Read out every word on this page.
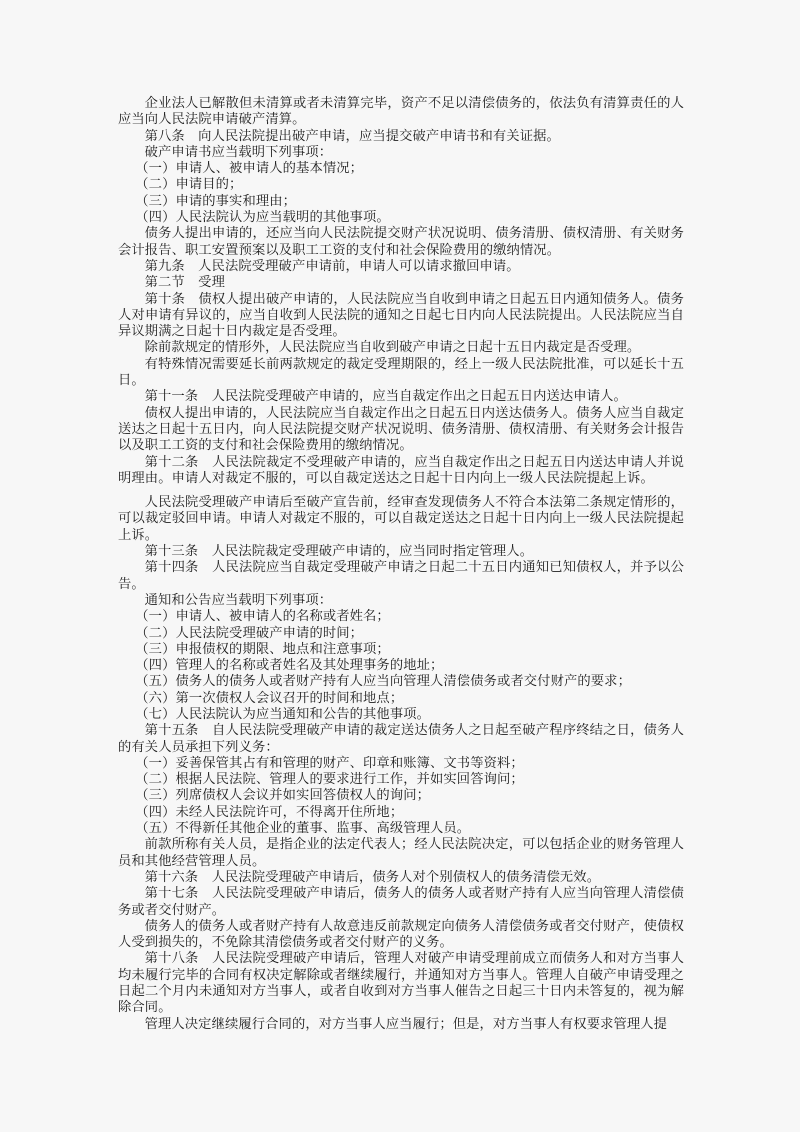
企业法人已解散但未清算或者未清算完毕，资产不足以清偿债务的，依法负有清算责任的人应当向人民法院申请破产清算。

第八条　向人民法院提出破产申请，应当提交破产申请书和有关证据。

破产申请书应当载明下列事项：

（一）申请人、被申请人的基本情况；

（二）申请目的；

（三）申请的事实和理由；

（四）人民法院认为应当载明的其他事项。

债务人提出申请的，还应当向人民法院提交财产状况说明、债务清册、债权清册、有关财务会计报告、职工安置预案以及职工工资的支付和社会保险费用的缴纳情况。

第九条　人民法院受理破产申请前，申请人可以请求撤回申请。

第二节　受理

第十条　债权人提出破产申请的，人民法院应当自收到申请之日起五日内通知债务人。债务人对申请有异议的，应当自收到人民法院的通知之日起七日内向人民法院提出。人民法院应当自异议期满之日起十日内裁定是否受理。

除前款规定的情形外，人民法院应当自收到破产申请之日起十五日内裁定是否受理。

有特殊情况需要延长前两款规定的裁定受理期限的，经上一级人民法院批准，可以延长十五日。

第十一条　人民法院受理破产申请的，应当自裁定作出之日起五日内送达申请人。

债权人提出申请的，人民法院应当自裁定作出之日起五日内送达债务人。债务人应当自裁定送达之日起十五日内，向人民法院提交财产状况说明、债务清册、债权清册、有关财务会计报告以及职工工资的支付和社会保险费用的缴纳情况。

第十二条　人民法院裁定不受理破产申请的，应当自裁定作出之日起五日内送达申请人并说明理由。申请人对裁定不服的，可以自裁定送达之日起十日内向上一级人民法院提起上诉。

人民法院受理破产申请后至破产宣告前，经审查发现债务人不符合本法第二条规定情形的，可以裁定驳回申请。申请人对裁定不服的，可以自裁定送达之日起十日内向上一级人民法院提起上诉。

第十三条　人民法院裁定受理破产申请的，应当同时指定管理人。

第十四条　人民法院应当自裁定受理破产申请之日起二十五日内通知已知债权人，并予以公告。

通知和公告应当载明下列事项：

（一）申请人、被申请人的名称或者姓名；

（二）人民法院受理破产申请的时间；

（三）申报债权的期限、地点和注意事项；

（四）管理人的名称或者姓名及其处理事务的地址；

（五）债务人的债务人或者财产持有人应当向管理人清偿债务或者交付财产的要求；

（六）第一次债权人会议召开的时间和地点；

（七）人民法院认为应当通知和公告的其他事项。

第十五条　自人民法院受理破产申请的裁定送达债务人之日起至破产程序终结之日，债务人的有关人员承担下列义务：

（一）妥善保管其占有和管理的财产、印章和账簿、文书等资料；

（二）根据人民法院、管理人的要求进行工作，并如实回答询问；

（三）列席债权人会议并如实回答债权人的询问；

（四）未经人民法院许可，不得离开住所地；

（五）不得新任其他企业的董事、监事、高级管理人员。

前款所称有关人员，是指企业的法定代表人；经人民法院决定，可以包括企业的财务管理人员和其他经营管理人员。

第十六条　人民法院受理破产申请后，债务人对个别债权人的债务清偿无效。

第十七条　人民法院受理破产申请后，债务人的债务人或者财产持有人应当向管理人清偿债务或者交付财产。

债务人的债务人或者财产持有人故意违反前款规定向债务人清偿债务或者交付财产，使债权人受到损失的，不免除其清偿债务或者交付财产的义务。

第十八条　人民法院受理破产申请后，管理人对破产申请受理前成立而债务人和对方当事人均未履行完毕的合同有权决定解除或者继续履行，并通知对方当事人。管理人自破产申请受理之日起二个月内未通知对方当事人，或者自收到对方当事人催告之日起三十日内未答复的，视为解除合同。

管理人决定继续履行合同的，对方当事人应当履行；但是，对方当事人有权要求管理人提
